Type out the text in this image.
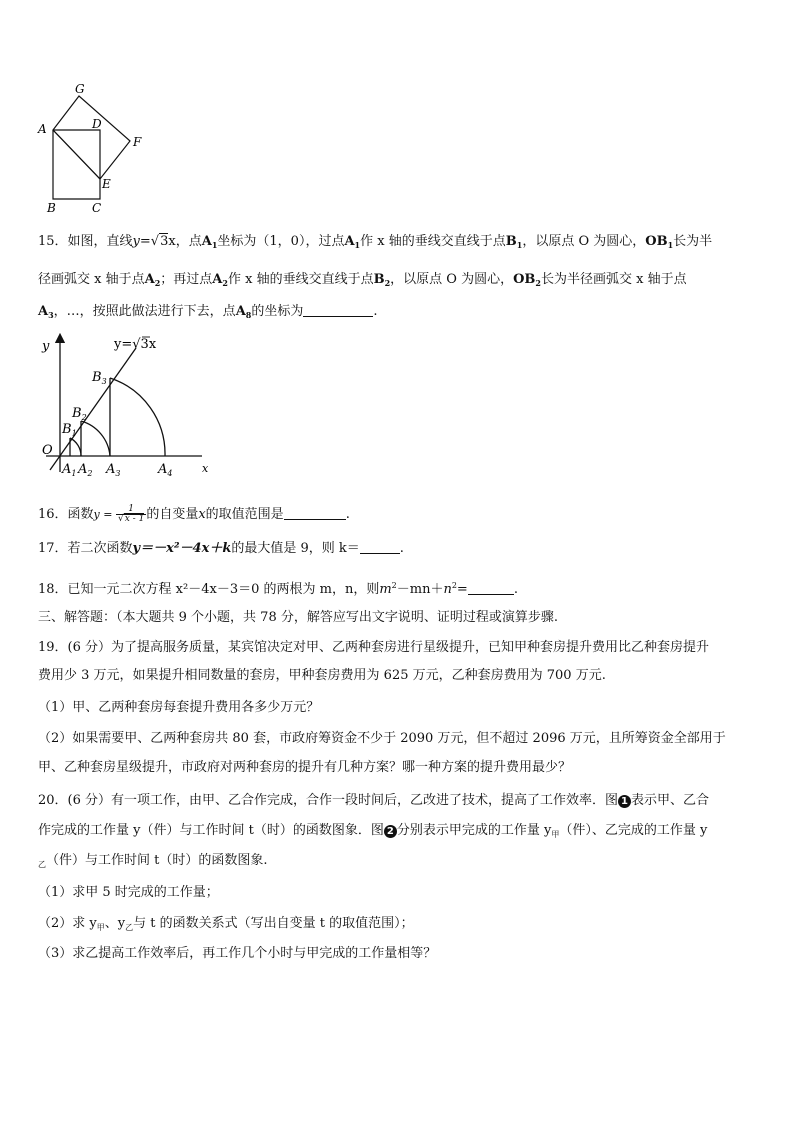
G
A	D
F
E
B	C
15．如图，直线y=√3x，点$A_1$坐标为（1，0），过点$A_1$作 x 轴的垂线交直线于点$B_1$，以原点 O 为圆心，$OB_1$长为半
径画弧交 x 轴于点$A_2$；再过点$A_2$作 x 轴的垂线交直线于点$B_2$，以原点 O 为圆心，$OB_2$长为半径画弧交 x 轴于点
$A_3$，…，按照此做法进行下去，点$A_8$的坐标为	.
y
x
y=√3x
O
$B_3$
$B_2$
$B_1$
$A_1$ $A_2$ $A_3$	$A_4$
16．函数$y = \frac{1}{√x - 1}$ 的自变量x的取值范围是	.
17．若二次函数y＝－x²－4x＋k的最大值是 9，则 k＝	.
18．已知一元二次方程 x²－4x－3＝0 的两根为 m，n，则$m^2-mn+n^2=$	.
三、解答题：（本大题共 9 个小题，共 78 分，解答应写出文字说明、证明过程或演算步骤.
19．(6 分）为了提高服务质量，某宾馆决定对甲、乙两种套房进行星级提升，已知甲种套房提升费用比乙种套房提升
费用少 3 万元，如果提升相同数量的套房，甲种套房费用为 625 万元，乙种套房费用为 700 万元.
（1）甲、乙两种套房每套提升费用各多少万元？
（2）如果需要甲、乙两种套房共 80 套，市政府筹资金不少于 2090 万元，但不超过 2096 万元，且所筹资金全部用于
甲、乙种套房星级提升，市政府对两种套房的提升有几种方案？哪一种方案的提升费用最少？
20．(6 分）有一项工作，由甲、乙合作完成，合作一段时间后，乙改进了技术，提高了工作效率．图 1 表示甲、乙合
作完成的工作量 y（件）与工作时间 t（时）的函数图象．图 2 分别表示甲完成的工作量 $y_甲$（件）、乙完成的工作量 y
$_乙$（件）与工作时间 t（时）的函数图象.
（1）求甲 5 时完成的工作量；
（2）求 $y_甲$、$y_乙$与 t 的函数关系式（写出自变量 t 的取值范围）；
（3）求乙提高工作效率后，再工作几个小时与甲完成的工作量相等？
